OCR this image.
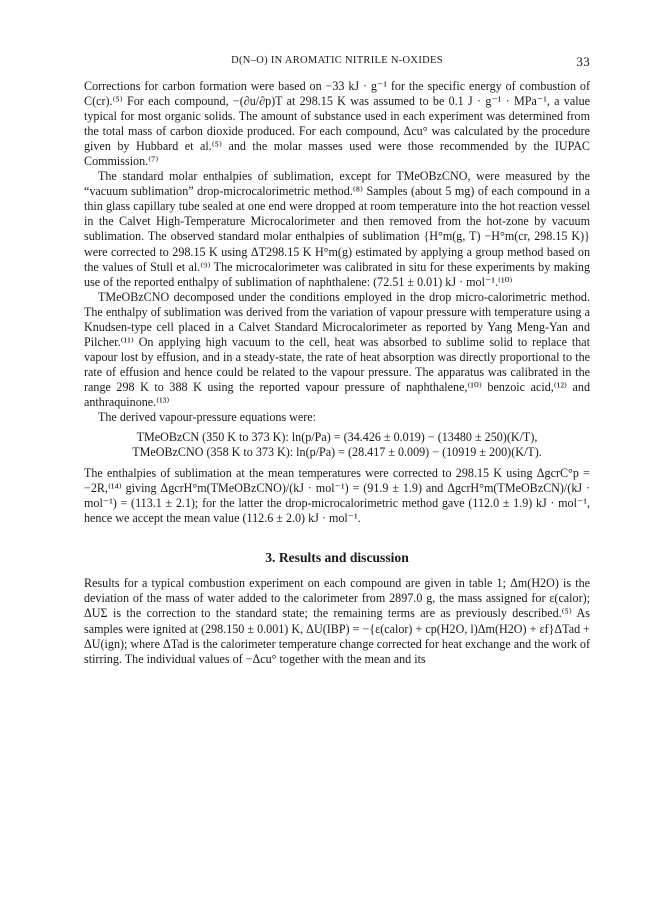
D(N–O) IN AROMATIC NITRILE N-OXIDES	33

Corrections for carbon formation were based on −33 kJ · g⁻¹ for the specific energy of combustion of C(cr).⁽⁵⁾ For each compound, −(∂u/∂p)T at 298.15 K was assumed to be 0.1 J · g⁻¹ · MPa⁻¹, a value typical for most organic solids. The amount of substance used in each experiment was determined from the total mass of carbon dioxide produced. For each compound, Δcu° was calculated by the procedure given by Hubbard et al.⁽⁵⁾ and the molar masses used were those recommended by the IUPAC Commission.⁽⁷⁾

The standard molar enthalpies of sublimation, except for TMeOBzCNO, were measured by the “vacuum sublimation” drop-microcalorimetric method.⁽⁸⁾ Samples (about 5 mg) of each compound in a thin glass capillary tube sealed at one end were dropped at room temperature into the hot reaction vessel in the Calvet High-Temperature Microcalorimeter and then removed from the hot-zone by vacuum sublimation. The observed standard molar enthalpies of sublimation {H°m(g, T) −H°m(cr, 298.15 K)} were corrected to 298.15 K using ΔT298.15 K H°m(g) estimated by applying a group method based on the values of Stull et al.⁽⁹⁾ The microcalorimeter was calibrated in situ for these experiments by making use of the reported enthalpy of sublimation of naphthalene: (72.51 ± 0.01) kJ · mol⁻¹.⁽¹⁰⁾

TMeOBzCNO decomposed under the conditions employed in the drop micro-calorimetric method. The enthalpy of sublimation was derived from the variation of vapour pressure with temperature using a Knudsen-type cell placed in a Calvet Standard Microcalorimeter as reported by Yang Meng-Yan and Pilcher.⁽¹¹⁾ On applying high vacuum to the cell, heat was absorbed to sublime solid to replace that vapour lost by effusion, and in a steady-state, the rate of heat absorption was directly proportional to the rate of effusion and hence could be related to the vapour pressure. The apparatus was calibrated in the range 298 K to 388 K using the reported vapour pressure of naphthalene,⁽¹⁰⁾ benzoic acid,⁽¹²⁾ and anthraquinone.⁽¹³⁾

The derived vapour-pressure equations were:

TMeOBzCN (350 K to 373 K): ln(p/Pa) = (34.426 ± 0.019) − (13480 ± 250)(K/T),
TMeOBzCNO (358 K to 373 K): ln(p/Pa) = (28.417 ± 0.009) − (10919 ± 200)(K/T).

The enthalpies of sublimation at the mean temperatures were corrected to 298.15 K using ΔgcrC°p = −2R,⁽¹⁴⁾ giving ΔgcrH°m(TMeOBzCNO)/(kJ · mol⁻¹) = (91.9 ± 1.9) and ΔgcrH°m(TMeOBzCN)/(kJ · mol⁻¹) = (113.1 ± 2.1); for the latter the drop-microcalorimetric method gave (112.0 ± 1.9) kJ · mol⁻¹, hence we accept the mean value (112.6 ± 2.0) kJ · mol⁻¹.

3. Results and discussion

Results for a typical combustion experiment on each compound are given in table 1; Δm(H2O) is the deviation of the mass of water added to the calorimeter from 2897.0 g, the mass assigned for ε(calor); ΔUΣ is the correction to the standard state; the remaining terms are as previously described.⁽⁵⁾ As samples were ignited at (298.150 ± 0.001) K, ΔU(IBP) = −{ε(calor) + cp(H2O, l)Δm(H2O) + εf}ΔTad + ΔU(ign); where ΔTad is the calorimeter temperature change corrected for heat exchange and the work of stirring. The individual values of −Δcu° together with the mean and its
